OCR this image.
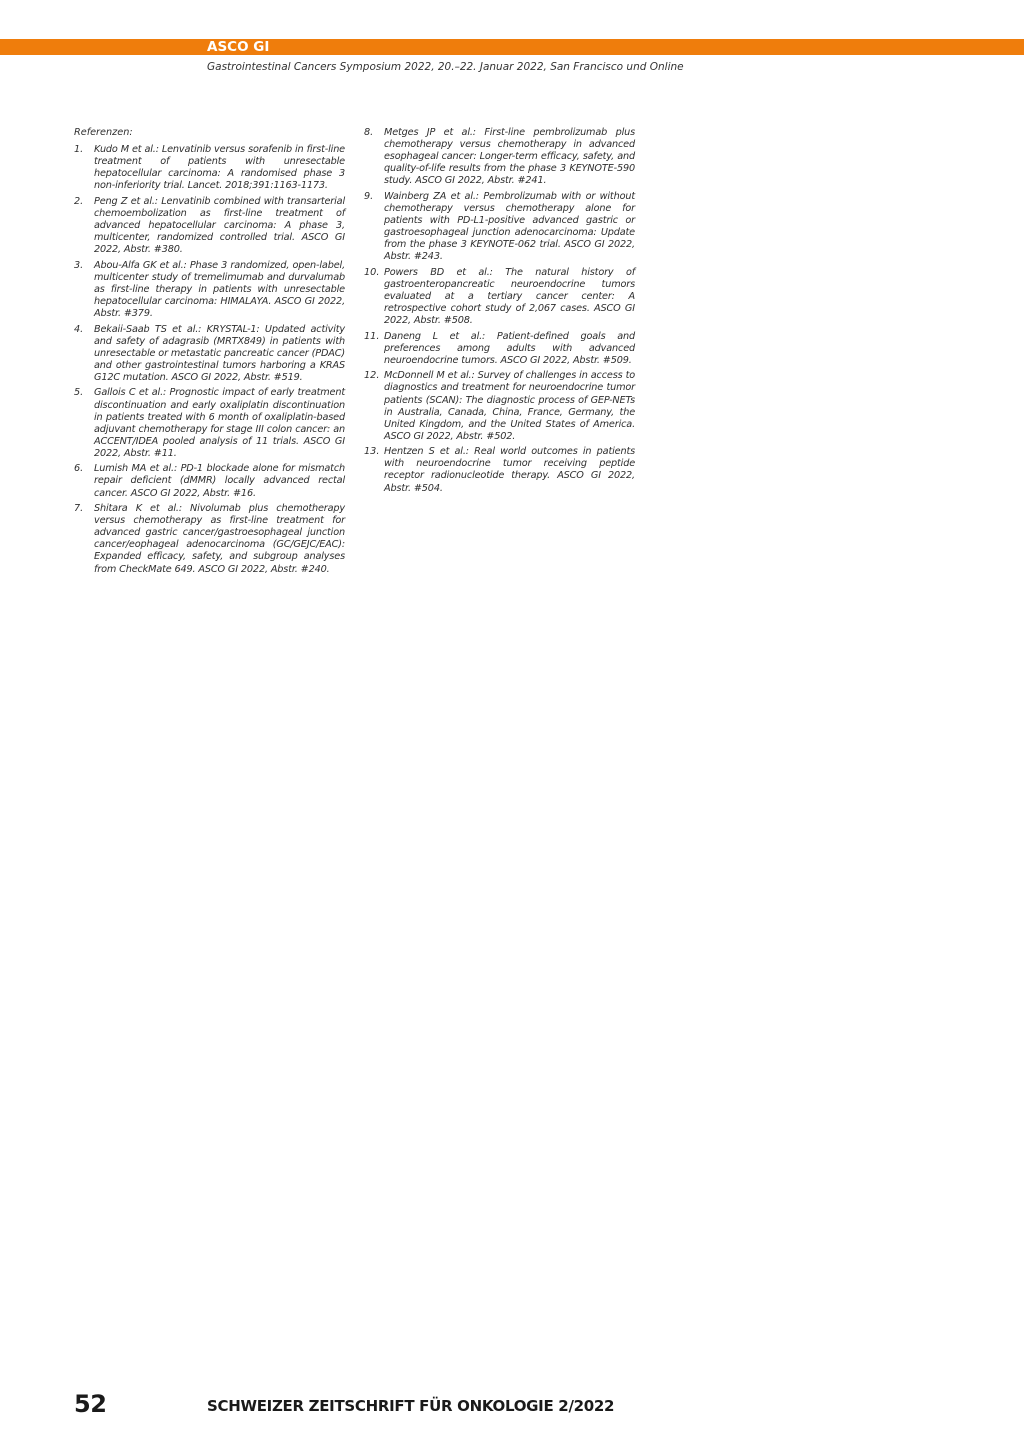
ASCO GI
Gastrointestinal Cancers Symposium 2022, 20.–22. Januar 2022, San Francisco und Online
Referenzen:
1.	Kudo M et al.: Lenvatinib versus sorafenib in first-line treatment of patients with unresectable hepatocellular carcinoma: A randomised phase 3 non-inferiority trial. Lancet. 2018;391:1163-1173.
2.	Peng Z et al.: Lenvatinib combined with transarterial chemoembolization as first-line treatment of advanced hepatocellular carcinoma: A phase 3, multicenter, randomized controlled trial. ASCO GI 2022, Abstr. #380.
3.	Abou-Alfa GK et al.: Phase 3 randomized, open-label, multicenter study of tremelimumab and durvalumab as first-line therapy in patients with unresectable hepatocellular carcinoma: HIMALAYA. ASCO GI 2022, Abstr. #379.
4.	Bekaii-Saab TS et al.: KRYSTAL-1: Updated activity and safety of adagrasib (MRTX849) in patients with unresectable or metastatic pancreatic cancer (PDAC) and other gastrointestinal tumors harboring a KRAS G12C mutation. ASCO GI 2022, Abstr. #519.
5.	Gallois C et al.: Prognostic impact of early treatment discontinuation and early oxaliplatin discontinuation in patients treated with 6 month of oxaliplatin-based adjuvant chemotherapy for stage III colon cancer: an ACCENT/IDEA pooled analysis of 11 trials. ASCO GI 2022, Abstr. #11.
6.	Lumish MA et al.: PD-1 blockade alone for mismatch repair deficient (dMMR) locally advanced rectal cancer. ASCO GI 2022, Abstr. #16.
7.	Shitara K et al.: Nivolumab plus chemotherapy versus chemotherapy as first-line treatment for advanced gastric cancer/gastroesophageal junction cancer/eophageal adenocarcinoma (GC/GEJC/EAC): Expanded efficacy, safety, and subgroup analyses from CheckMate 649. ASCO GI 2022, Abstr. #240.
8.	Metges JP et al.: First-line pembrolizumab plus chemotherapy versus chemotherapy in advanced esophageal cancer: Longer-term efficacy, safety, and quality-of-life results from the phase 3 KEYNOTE-590 study. ASCO GI 2022, Abstr. #241.
9.	Wainberg ZA et al.: Pembrolizumab with or without chemotherapy versus chemotherapy alone for patients with PD-L1-positive advanced gastric or gastroesophageal junction adenocarcinoma: Update from the phase 3 KEYNOTE-062 trial. ASCO GI 2022, Abstr. #243.
10. Powers BD et al.: The natural history of gastroenteropancreatic neuroendocrine tumors evaluated at a tertiary cancer center: A retrospective cohort study of 2,067 cases. ASCO GI 2022, Abstr. #508.
11. Daneng L et al.: Patient-defined goals and preferences among adults with advanced neuroendocrine tumors. ASCO GI 2022, Abstr. #509.
12. McDonnell M et al.: Survey of challenges in access to diagnostics and treatment for neuroendocrine tumor patients (SCAN): The diagnostic process of GEP-NETs in Australia, Canada, China, France, Germany, the United Kingdom, and the United States of America. ASCO GI 2022, Abstr. #502.
13. Hentzen S et al.: Real world outcomes in patients with neuroendocrine tumor receiving peptide receptor radionucleotide therapy. ASCO GI 2022, Abstr. #504.
52	SCHWEIZER ZEITSCHRIFT FÜR ONKOLOGIE 2/2022
